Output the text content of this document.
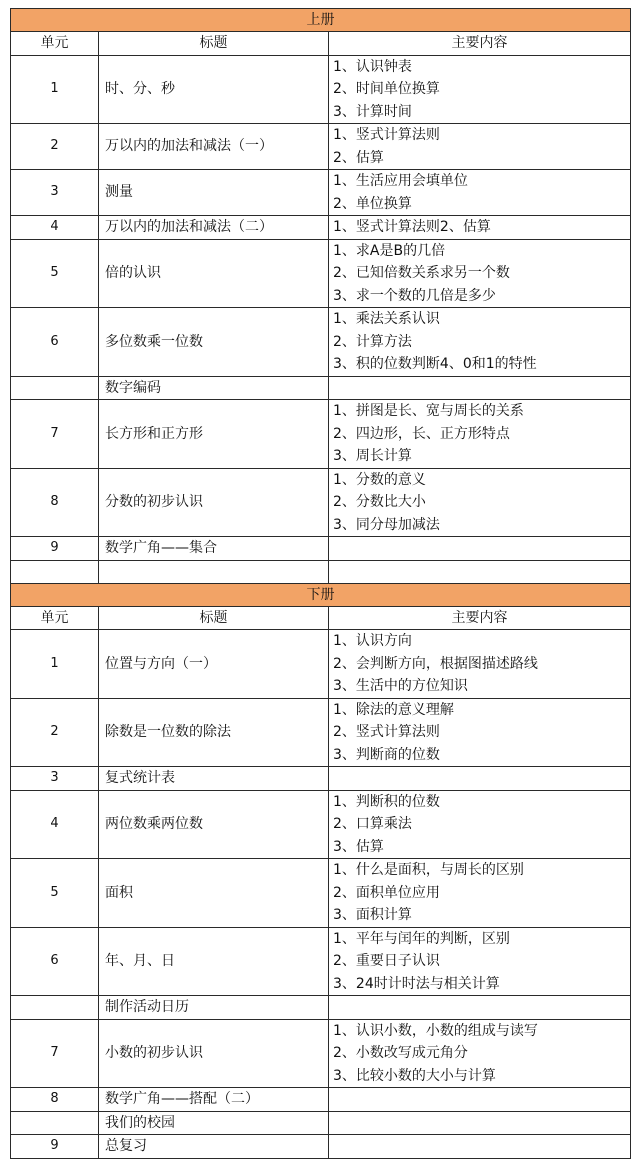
上册		
单元	标题	主要内容
1	时、分、秒	1、认识钟表
2、时间单位换算
3、计算时间

2	万以内的加法和减法（一）	1、竖式计算法则
2、估算

3	测量	1、生活应用会填单位
2、单位换算

4	万以内的加法和减法（二）	1、竖式计算法则2、估算

5	倍的认识	1、求A是B的几倍
2、已知倍数关系求另一个数
3、求一个数的几倍是多少

6	多位数乘一位数	1、乘法关系认识
2、计算方法
3、积的位数判断4、0和1的特性

	数字编码	

7	长方形和正方形	1、拼图是长、宽与周长的关系
2、四边形，长、正方形特点
3、周长计算

8	分数的初步认识	1、分数的意义
2、分数比大小
3、同分母加减法

9	数学广角——集合	

下册		
单元	标题	主要内容
1	位置与方向（一）	1、认识方向
2、会判断方向，根据图描述路线
3、生活中的方位知识

2	除数是一位数的除法	1、除法的意义理解
2、竖式计算法则
3、判断商的位数

3	复式统计表	

4	两位数乘两位数	1、判断积的位数
2、口算乘法
3、估算

5	面积	1、什么是面积，与周长的区别
2、面积单位应用
3、面积计算

6	年、月、日	1、平年与闰年的判断，区别
2、重要日子认识
3、24时计时法与相关计算

	制作活动日历	

7	小数的初步认识	1、认识小数，小数的组成与读写
2、小数改写成元角分
3、比较小数的大小与计算

8	数学广角——搭配（二）	

	我们的校园	

9	总复习	
